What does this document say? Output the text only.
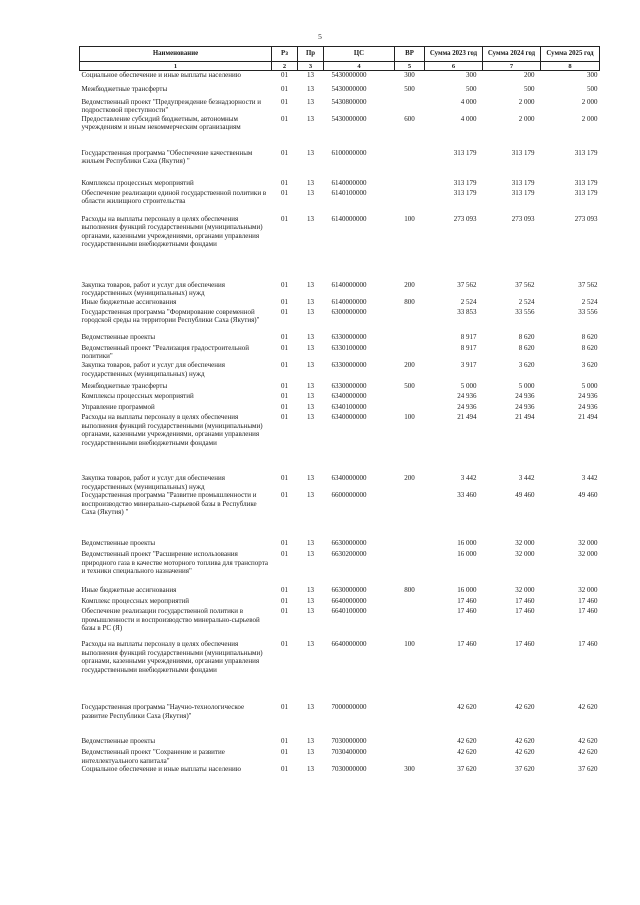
5
Наименование	Рз	Пр	ЦС	ВР	Сумма 2023 год	Сумма 2024 год	Сумма 2025 год
1	2	3	4	5	6	7	8
Социальное обеспечение и иные выплаты населению	01	13	5430000000	300	300	200	300
Межбюджетные трансферты	01	13	5430000000	500	500	500	500
Ведомственный проект "Предупреждение безнадзорности и подростковой преступности"	01	13	5430800000		4 000	2 000	2 000
Предоставление субсидий бюджетным, автономным учреждениям и иным некоммерческим организациям	01	13	5430000000	600	4 000	2 000	2 000
Государственная программа "Обеспечение качественным жильем Республики Саха (Якутия) "	01	13	6100000000		313 179	313 179	313 179
Комплексы процессных мероприятий	01	13	6140000000		313 179	313 179	313 179
Обеспечение реализации единой государственной политики в области жилищного строительства	01	13	6140100000		313 179	313 179	313 179
Расходы на выплаты персоналу в целях обеспечения выполнения функций государственными (муниципальными) органами, казенными учреждениями, органами управления государственными внебюджетными фондами	01	13	6140000000	100	273 093	273 093	273 093
Закупка товаров, работ и услуг для обеспечения государственных (муниципальных) нужд	01	13	6140000000	200	37 562	37 562	37 562
Иные бюджетные ассигнования	01	13	6140000000	800	2 524	2 524	2 524
Государственная программа "Формирование современной городской среды на территории Республики Саха (Якутия)"	01	13	6300000000		33 853	33 556	33 556
Ведомственные проекты	01	13	6330000000		8 917	8 620	8 620
Ведомственный проект "Реализация градостроительной политики"	01	13	6330100000		8 917	8 620	8 620
Закупка товаров, работ и услуг для обеспечения государственных (муниципальных) нужд	01	13	6330000000	200	3 917	3 620	3 620
Межбюджетные трансферты	01	13	6330000000	500	5 000	5 000	5 000
Комплексы процессных мероприятий	01	13	6340000000		24 936	24 936	24 936
Управление программой	01	13	6340100000		24 936	24 936	24 936
Расходы на выплаты персоналу в целях обеспечения выполнения функций государственными (муниципальными) органами, казенными учреждениями, органами управления государственными внебюджетными фондами	01	13	6340000000	100	21 494	21 494	21 494
Закупка товаров, работ и услуг для обеспечения государственных (муниципальных) нужд	01	13	6340000000	200	3 442	3 442	3 442
Государственная программа "Развитие промышленности и воспроизводство минерально-сырьевой базы в Республике Саха (Якутия) "	01	13	6600000000		33 460	49 460	49 460
Ведомственные проекты	01	13	6630000000		16 000	32 000	32 000
Ведомственный проект "Расширение использования природного газа в качестве моторного топлива для транспорта и техники специального назначения"	01	13	6630200000		16 000	32 000	32 000
Иные бюджетные ассигнования	01	13	6630000000	800	16 000	32 000	32 000
Комплекс процессных мероприятий	01	13	6640000000		17 460	17 460	17 460
Обеспечение реализации государственной политики в промышленности и воспроизводство минерально-сырьевой базы в РС (Я)	01	13	6640100000		17 460	17 460	17 460
Расходы на выплаты персоналу в целях обеспечения выполнения функций государственными (муниципальными) органами, казенными учреждениями, органами управления государственными внебюджетными фондами	01	13	6640000000	100	17 460	17 460	17 460
Государственная программа "Научно-технологическое развитие Республики Саха (Якутия)"	01	13	7000000000		42 620	42 620	42 620
Ведомственные проекты	01	13	7030000000		42 620	42 620	42 620
Ведомственный проект "Сохранение и развитие интеллектуального капитала"	01	13	7030400000		42 620	42 620	42 620
Социальное обеспечение и иные выплаты населению	01	13	7030000000	300	37 620	37 620	37 620
